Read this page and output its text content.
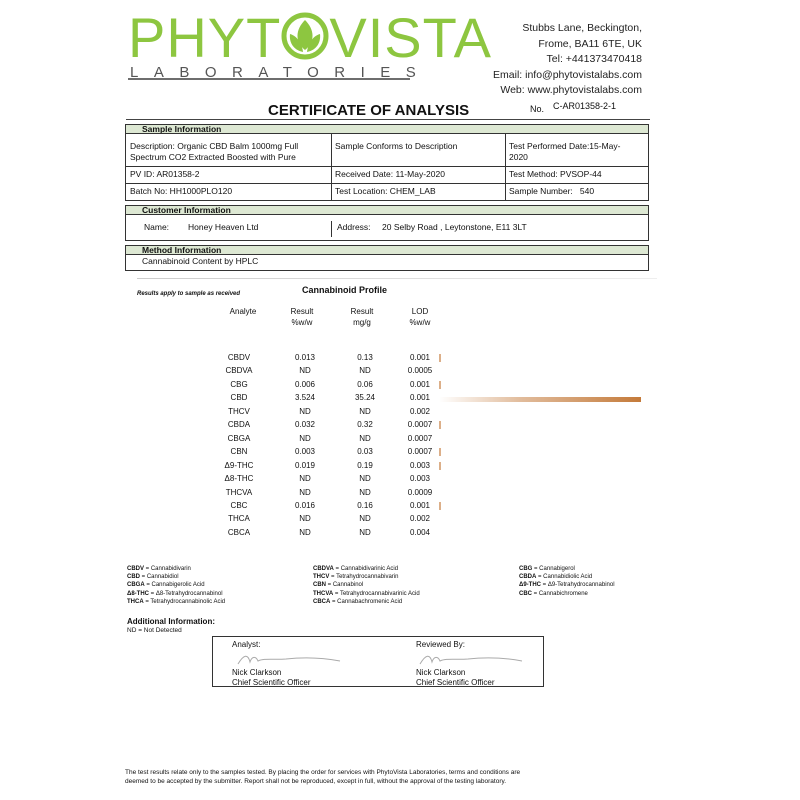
PHYT VISTA
LABORATORIES
Stubbs Lane, Beckington,
Frome, BA11 6TE, UK
Tel: +441373470418
Email: info@phytovistalabs.com
Web: www.phytovistalabs.com
CERTIFICATE OF ANALYSIS	No. C-AR01358-2-1
Sample Information
Description: Organic CBD Balm 1000mg Full
Spectrum CO2 Extracted Boosted with Pure
Sample Conforms to Description	Test Performed Date:15-May-
2020
PV ID: AR01358-2	Received Date: 11-May-2020	Test Method: PVSOP-44
Batch No: HH1000PLO120	Test Location: CHEM_LAB	Sample Number: 540
Customer Information
Name: Honey Heaven Ltd	Address: 20 Selby Road , Leytonstone, E11 3LT
Method Information
Cannabinoid Content by HPLC
Cannabinoid Profile
Results apply to sample as received
Analyte	Result
%w/w
Result
mg/g
LOD
%w/w
CBDV	0.013	0.13	0.001
CBDVA	ND	ND	0.0005
CBG	0.006	0.06	0.001
CBD	3.524	35.24	0.001
THCV	ND	ND	0.002
CBDA	0.032	0.32	0.0007
CBGA	ND	ND	0.0007
CBN	0.003	0.03	0.0007
Δ9-THC	0.019	0.19	0.003
Δ8-THC	ND	ND	0.003
THCVA	ND	ND	0.0009
CBC	0.016	0.16	0.001
THCA	ND	ND	0.002
CBCA	ND	ND	0.004
CBDV = Cannabidivarin
CBD = Cannabidiol
CBGA = Cannabigerolic Acid
Δ8-THC = Δ8-Tetrahydrocannabinol
THCA = Tetrahydrocannabinolic Acid
CBDVA = Cannabidivarinic Acid
THCV = Tetrahydrocannabivarin
CBN = Cannabinol
THCVA = Tetrahydrocannabivarinic Acid
CBCA = Cannabachromenic Acid
CBG = Cannabigerol
CBDA = Cannabidiolic Acid
Δ9-THC = Δ9-Tetrahydrocannabinol
CBC = Cannabichromene
Additional Information:
ND = Not Detected
Analyst:
Nick Clarkson
Chief Scientific Officer
Reviewed By:
Nick Clarkson
Chief Scientific Officer
The test results relate only to the samples tested. By placing the order for services with PhytoVista Laboratories, terms and conditions are
deemed to be accepted by the submitter. Report shall not be reproduced, except in full, without the approval of the testing laboratory.
